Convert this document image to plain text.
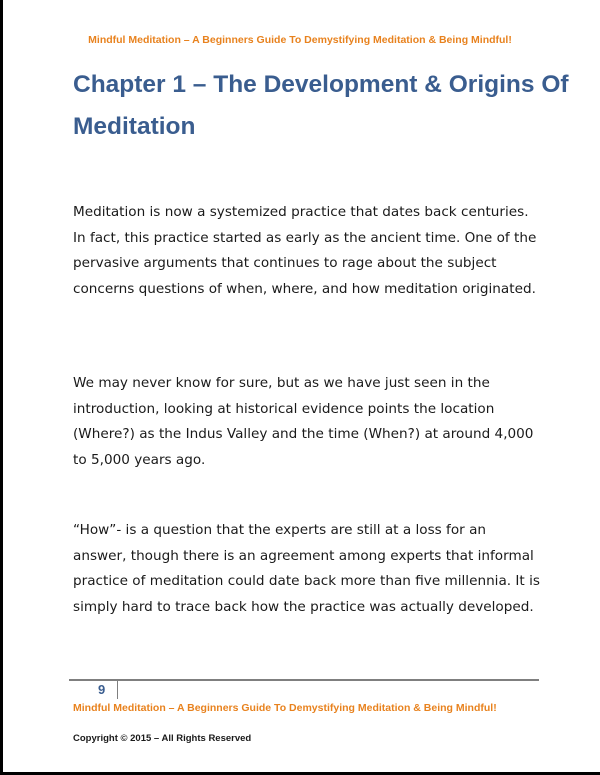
Mindful Meditation – A Beginners Guide To Demystifying Meditation & Being Mindful!
Chapter 1 – The Development & Origins Of Meditation

Meditation is now a systemized practice that dates back centuries. In fact, this practice started as early as the ancient time. One of the pervasive arguments that continues to rage about the subject concerns questions of when, where, and how meditation originated.

We may never know for sure, but as we have just seen in the introduction, looking at historical evidence points the location (Where?) as the Indus Valley and the time (When?) at around 4,000 to 5,000 years ago.

“How”- is a question that the experts are still at a loss for an answer, though there is an agreement among experts that informal practice of meditation could date back more than five millennia. It is simply hard to trace back how the practice was actually developed.

9
Mindful Meditation – A Beginners Guide To Demystifying Meditation & Being Mindful!
Copyright © 2015 – All Rights Reserved
